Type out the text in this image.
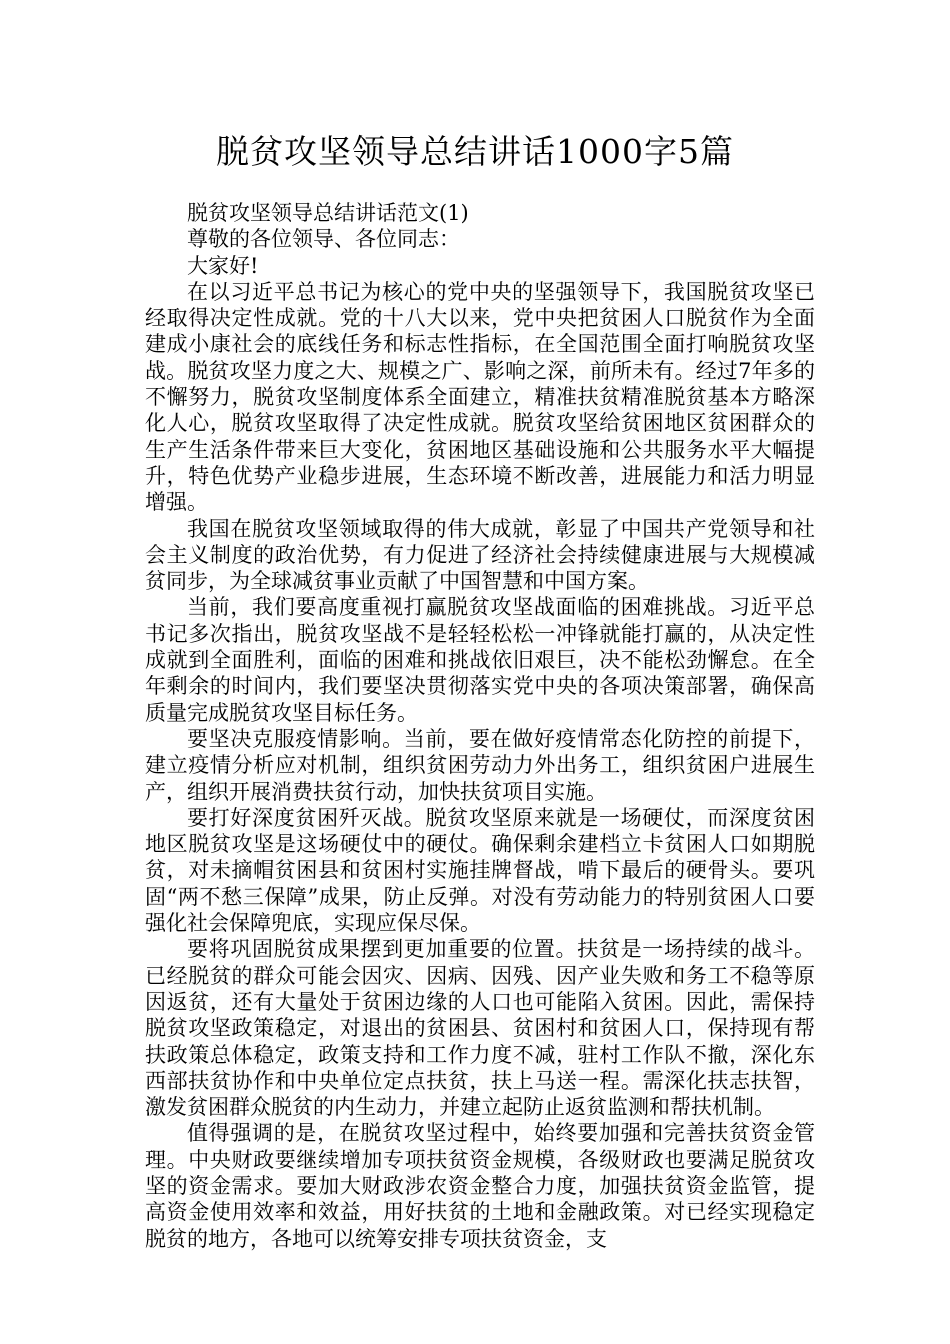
脱贫攻坚领导总结讲话1000字5篇

脱贫攻坚领导总结讲话范文(1)

尊敬的各位领导、各位同志：

大家好!

在以习近平总书记为核心的党中央的坚强领导下，我国脱贫攻坚已经取得决定性成就。党的十八大以来，党中央把贫困人口脱贫作为全面建成小康社会的底线任务和标志性指标，在全国范围全面打响脱贫攻坚战。脱贫攻坚力度之大、规模之广、影响之深，前所未有。经过7年多的不懈努力，脱贫攻坚制度体系全面建立，精准扶贫精准脱贫基本方略深化人心，脱贫攻坚取得了决定性成就。脱贫攻坚给贫困地区贫困群众的生产生活条件带来巨大变化，贫困地区基础设施和公共服务水平大幅提升，特色优势产业稳步进展，生态环境不断改善，进展能力和活力明显增强。

我国在脱贫攻坚领域取得的伟大成就，彰显了中国共产党领导和社会主义制度的政治优势，有力促进了经济社会持续健康进展与大规模减贫同步，为全球减贫事业贡献了中国智慧和中国方案。

当前，我们要高度重视打赢脱贫攻坚战面临的困难挑战。习近平总书记多次指出，脱贫攻坚战不是轻轻松松一冲锋就能打赢的，从决定性成就到全面胜利，面临的困难和挑战依旧艰巨，决不能松劲懈怠。在全年剩余的时间内，我们要坚决贯彻落实党中央的各项决策部署，确保高质量完成脱贫攻坚目标任务。

要坚决克服疫情影响。当前，要在做好疫情常态化防控的前提下，建立疫情分析应对机制，组织贫困劳动力外出务工，组织贫困户进展生产，组织开展消费扶贫行动，加快扶贫项目实施。

要打好深度贫困歼灭战。脱贫攻坚原来就是一场硬仗，而深度贫困地区脱贫攻坚是这场硬仗中的硬仗。确保剩余建档立卡贫困人口如期脱贫，对未摘帽贫困县和贫困村实施挂牌督战，啃下最后的硬骨头。要巩固“两不愁三保障”成果，防止反弹。对没有劳动能力的特别贫困人口要强化社会保障兜底，实现应保尽保。

要将巩固脱贫成果摆到更加重要的位置。扶贫是一场持续的战斗。已经脱贫的群众可能会因灾、因病、因残、因产业失败和务工不稳等原因返贫，还有大量处于贫困边缘的人口也可能陷入贫困。因此，需保持脱贫攻坚政策稳定，对退出的贫困县、贫困村和贫困人口，保持现有帮扶政策总体稳定，政策支持和工作力度不减，驻村工作队不撤，深化东西部扶贫协作和中央单位定点扶贫，扶上马送一程。需深化扶志扶智，激发贫困群众脱贫的内生动力，并建立起防止返贫监测和帮扶机制。

值得强调的是，在脱贫攻坚过程中，始终要加强和完善扶贫资金管理。中央财政要继续增加专项扶贫资金规模，各级财政也要满足脱贫攻坚的资金需求。要加大财政涉农资金整合力度，加强扶贫资金监管，提高资金使用效率和效益，用好扶贫的土地和金融政策。对已经实现稳定脱贫的地方，各地可以统筹安排专项扶贫资金，支
